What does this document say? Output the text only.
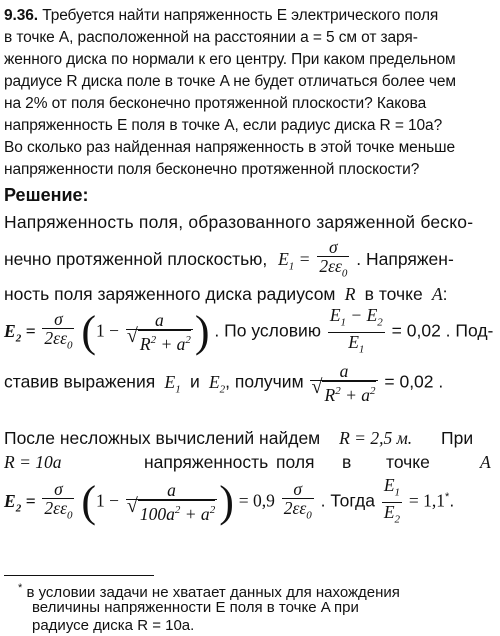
9.36. Требуется найти напряженность E электрического поля
в точке A, расположенной на расстоянии a = 5 см от заря-
женного диска по нормали к его центру. При каком предельном
радиусе R диска поле в точке A не будет отличаться более чем
на 2% от поля бесконечно протяженной плоскости? Какова
напряженность E поля в точке A, если радиус диска R = 10a?
Во сколько раз найденная напряженность в этой точке меньше
напряженности поля бесконечно протяженной плоскости?
Решение:
Напряженность поля, образованного заряженной беско-
нечно протяженной плоскостью, $E_1 = \frac{\sigma}{2\varepsilon\varepsilon_0}$ . Напряжен-
ность поля заряженного диска радиусом  R  в точке  A:
$E_2 = \frac{\sigma}{2\varepsilon\varepsilon_0} (1 - a$
√ $R^2 + a^2$ ) . По условию $\frac{E_1 - E_2}{E_1} = 0,02$ . Под-
ставив выражения  $E_1$ и  $E_2$, получим a
√ $R^2 + a^2 = 0,02$ .
После несложных вычислений найдем R = 2,5 м. При
R = 10a	напряженность поля в точке	A
$E_2 = \frac{\sigma}{2\varepsilon\varepsilon_0} (1 - a$
√ $100a^2 + a^2$ ) = $0,9 \frac{\sigma}{2\varepsilon\varepsilon_0}$ . Тогда $\frac{E_1}{E_2} = 1,1^*$.
* в условии задачи не хватает данных для нахождения
величины напряженности E поля в точке A при
радиусе диска R = 10a.
